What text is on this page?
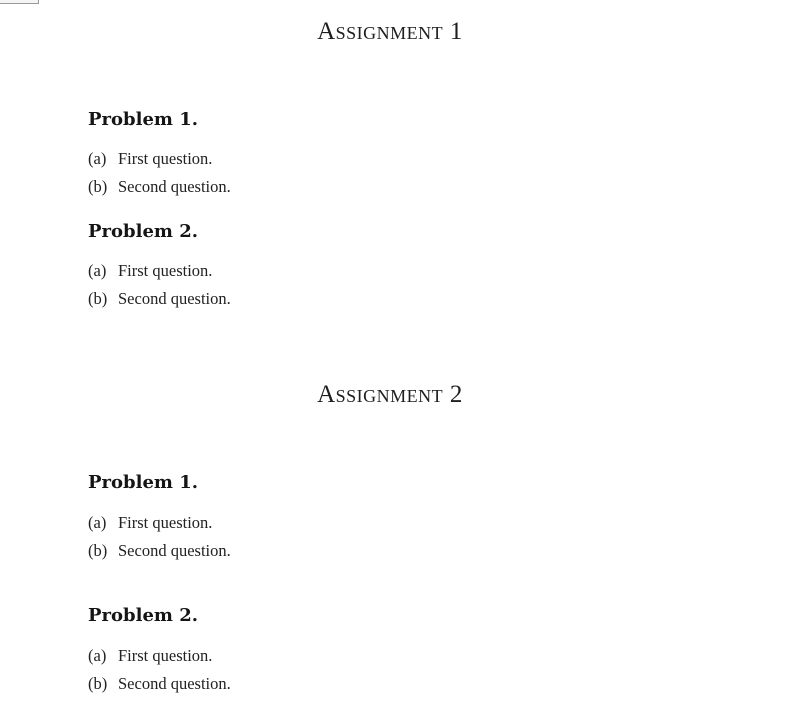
Assignment 1
Problem 1.

(a) First question.

(b) Second question.

Problem 2.

(a) First question.

(b) Second question.

Assignment 2
Problem 1.

(a) First question.

(b) Second question.

Problem 2.

(a) First question.

(b) Second question.
